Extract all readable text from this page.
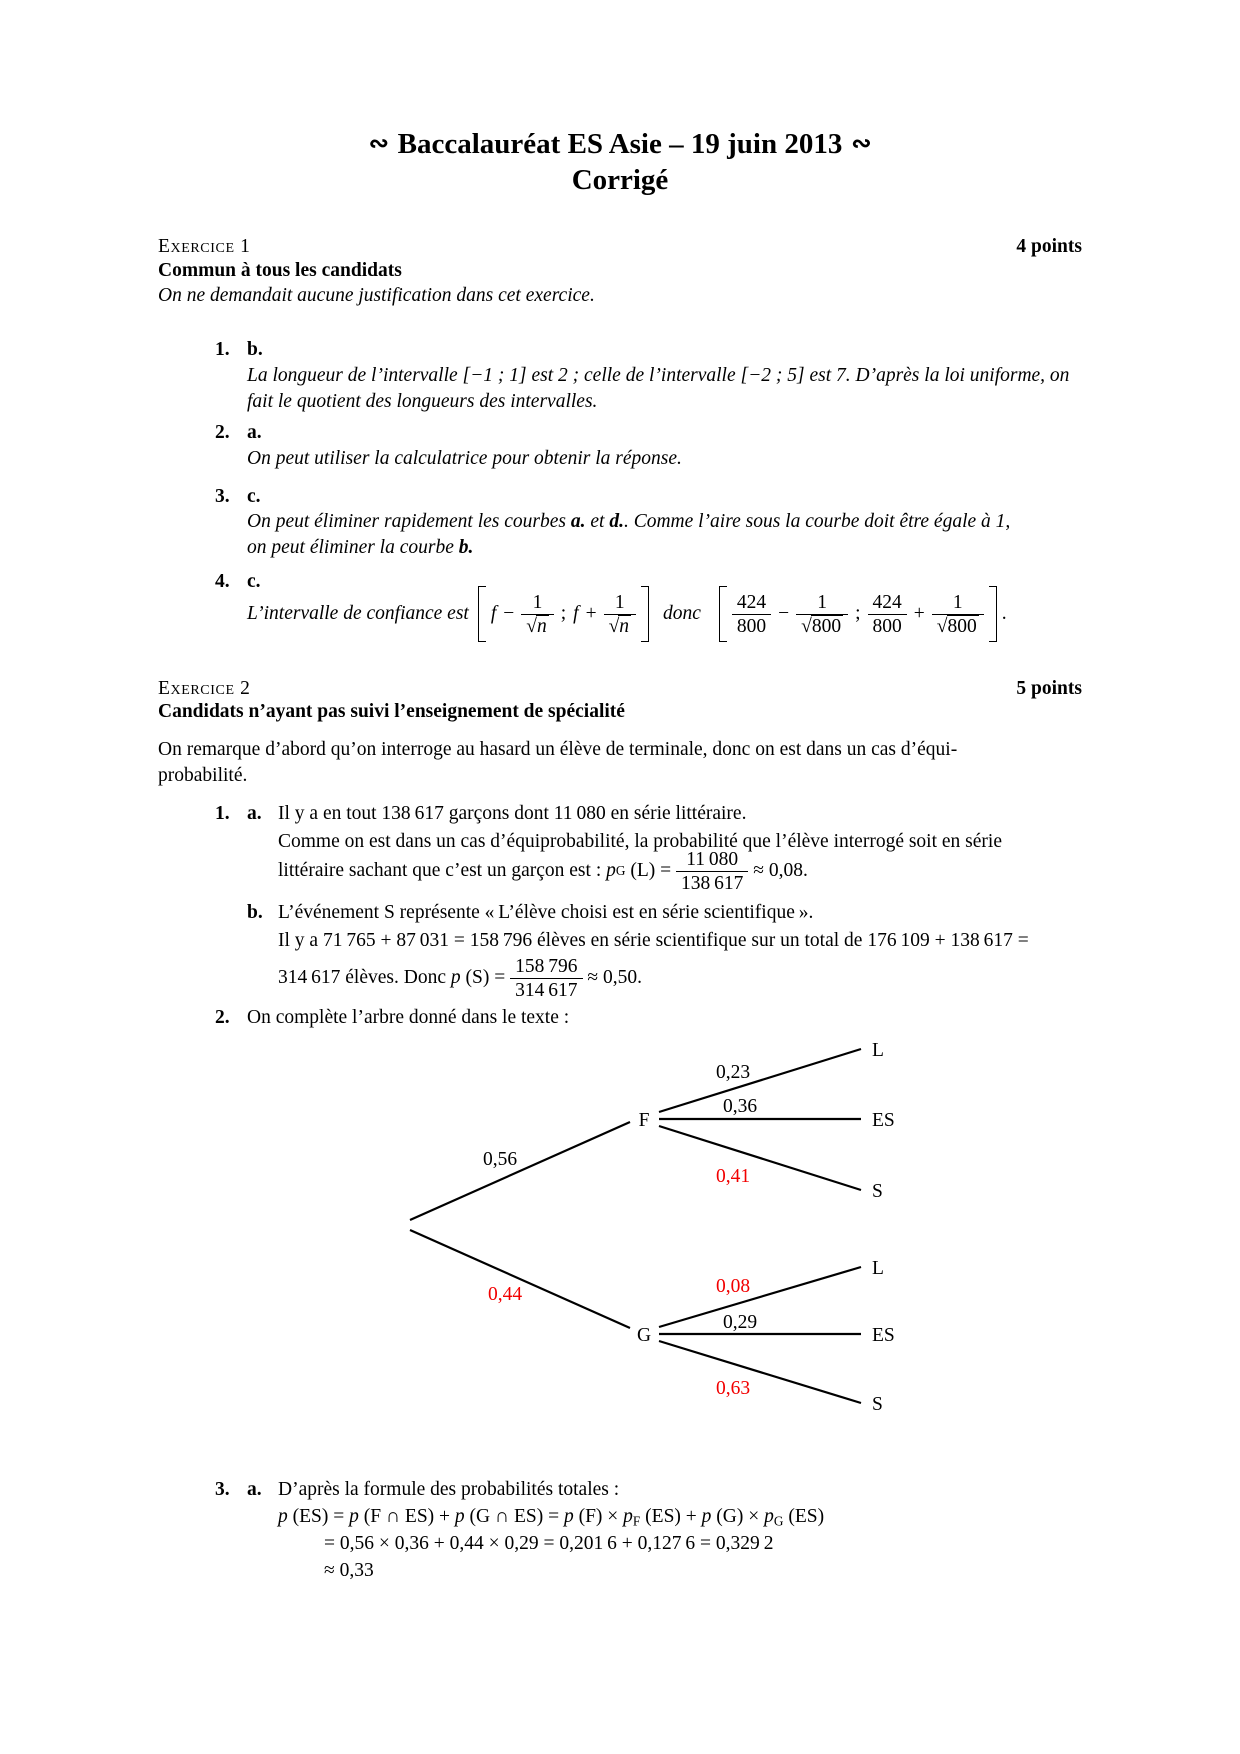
∾ Baccalauréat ES Asie – 19 juin 2013 ∾
Corrigé
Exercice 1	4 points
Commun à tous les candidats
On ne demandait aucune justification dans cet exercice.
1. b.
La longueur de l’intervalle [−1 ; 1] est 2 ; celle de l’intervalle [−2 ; 5] est 7. D’après la loi uniforme, on
fait le quotient des longueurs des intervalles.
2. a.
On peut utiliser la calculatrice pour obtenir la réponse.
3. c.
On peut éliminer rapidement les courbes a. et d.. Comme l’aire sous la courbe doit être égale à 1,
on peut éliminer la courbe b.
4. c.
L’intervalle de confiance est $f - \frac{1}{√n}$ ; $f + \frac{1}{√n}$ donc $\frac{424}{800} - \frac{1}{√800}$ ; $\frac{424}{800} + \frac{1}{√800}$ .
Exercice 2	5 points
Candidats n’ayant pas suivi l’enseignement de spécialité
On remarque d’abord qu’on interroge au hasard un élève de terminale, donc on est dans un cas d’équi-
probabilité.
1. a. Il y a en tout 138 617 garçons dont 11 080 en série littéraire.
Comme on est dans un cas d’équiprobabilité, la probabilité que l’élève interrogé soit en série
littéraire sachant que c’est un garçon est : p G $(L) = \frac{11 080}{138 617} \approx 0,08$.
b. L’événement S représente « L’élève choisi est en série scientifique ».
Il y a 71 765 + 87 031 = 158 796 élèves en série scientifique sur un total de 176 109 + 138 617 =
314 617 élèves. Donc p $(S) = \frac{158 796}{314 617} \approx 0,50$.
2. On complète l’arbre donné dans le texte :
F
G
L
ES
S
L
ES
S
0,56
0,44
0,23
0,36
0,41
0,08
0,29
0,63
3. a. D’après la formule des probabilités totales :
p (ES) = p (F ∩ ES) + p (G ∩ ES) = p (F) × pF (ES) + p (G) × pG (ES)
= 0,56 × 0,36 + 0,44 × 0,29 = 0,201 6 + 0,127 6 = 0,329 2
≈ 0,33
